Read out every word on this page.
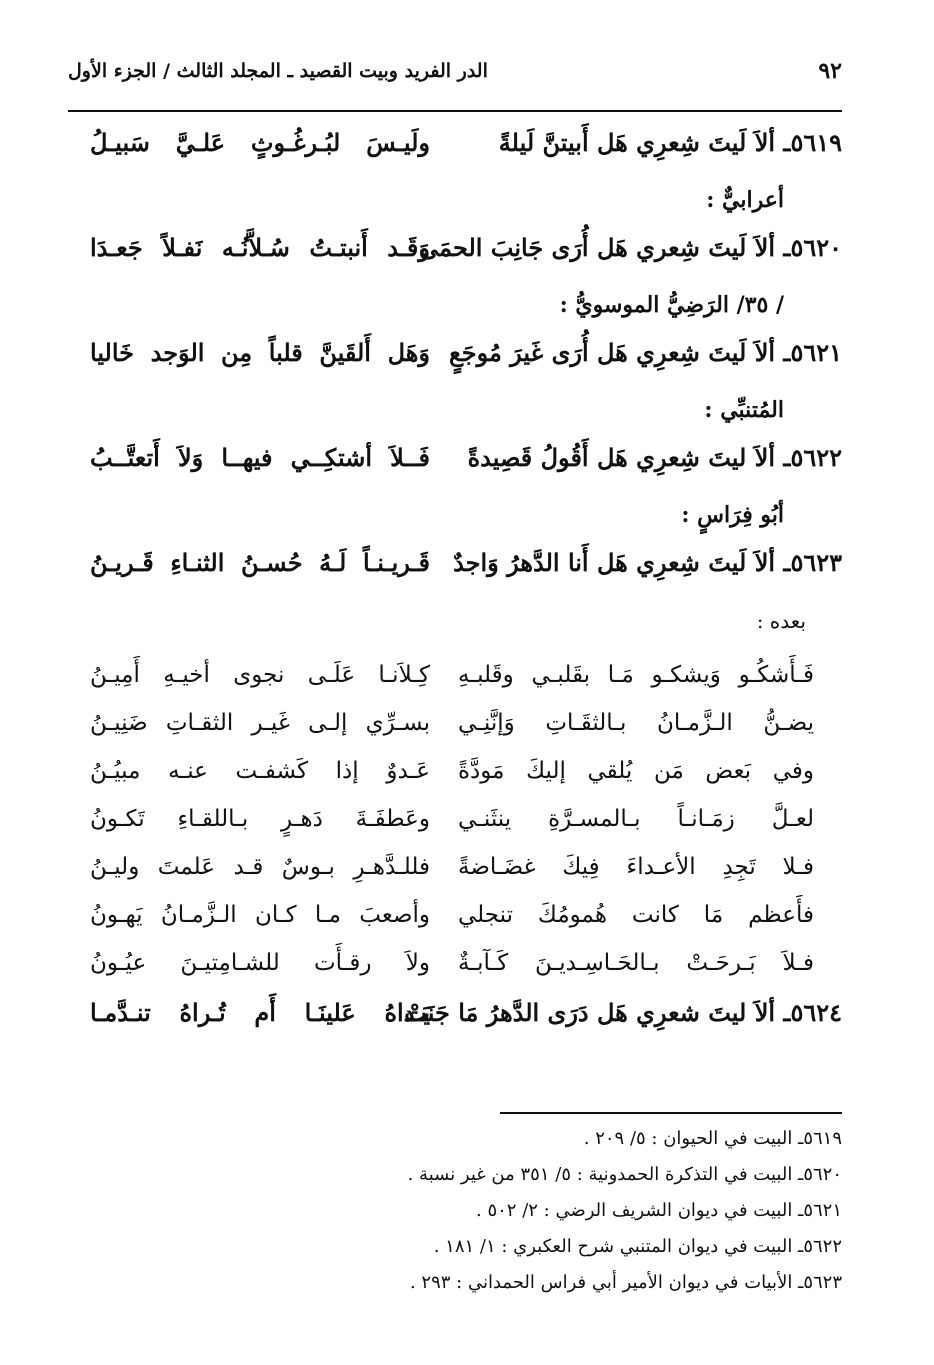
٩٢
الدر الفريد وبيت القصيد ـ المجلد الثالث / الجزء الأول
٥٦١٩ـ ألاَ لَيتَ شِعرِي هَل أَبيتنَّ لَيلةً
ولَيـسَ لبُـرغُـوثٍ عَلـيَّ سَبيـلُ
أعرابيٌّ :
٥٦٢٠ـ ألاَ لَيتَ شِعري هَل أُرَى جَانِبَ الحمَى
وَقَـد أَنبتـتُ سُـلاَّنُـه نَفـلاً جَعـدَا
/ ٣٥/ الرَضِيُّ الموسويُّ :
٥٦٢١ـ ألاَ لَيتَ شِعرِي هَل أُرَى غَيرَ مُوجَعٍ
وَهَل أَلقَينَّ قلباً مِن الوَجد خَاليا
المُتنبِّي :
٥٦٢٢ـ ألاَ ليتَ شِعرِي هَل أَقُولُ قَصِيدةً
فَــلاَ أشتكِــي فيهــا وَلاَ أَتعتَّــبُ
أبُو فِرَاسٍ :
٥٦٢٣ـ ألاَ لَيتَ شِعرِي هَل أَنا الدَّهرُ وَاجدٌ
قَـريـنـاً لَـهُ حُسـنُ الثنـاءِ قَـريـنُ
بعده :
فَـأَشكُـو وَيشكـو مَـا بقَلبـي وقَلبـهِ
كِـلاَنـا عَلَـى نجوى أخيـهِ أَمِيـنُ
يضـنُّ الـزَّمـانُ بـالثقَـاتِ وَإنَّنِـي
بسـرِّي إلـى غَيـر الثقـاتِ ضَنِيـنُ
وفي بَعض مَن يُلقي إليكَ مَودَّةً
عَـدوٌ إذا كَشفـت عنـه مبيُـنُ
لعـلَّ زمَـانـاً بـالمسـرَّةِ ينثَنـي
وعَطفَـةَ دَهـرٍ بـاللقـاءِ تَكـونُ
فـلا تَجِدِ الأعـداءَ فِيكَ غضَـاضةً
فللـدَّهـرِ بـوسٌ قـد عَلمتَ وليـنُ
فأَعظم مَا كانت هُمومُكَ تنجلي
وأصعبَ مـا كـان الـزَّمـانُ يَهـونُ
فـلاَ بَـرحَـتْ بـالحَـاسِـديـنَ كَـآبـةٌ
ولاَ رقـأَت للشـامِتيـنَ عيُـونُ
٥٦٢٤ـ ألاَ ليتَ شعرِي هَل دَرَى الدَّهرُ مَا جَنَتْ
يَـداهُ عَلينَـا أَم تُـراهُ تنـدَّمـا
٥٦١٩ـ البيت في الحيوان : ٥/ ٢٠٩ .
٥٦٢٠ـ البيت في التذكرة الحمدونية : ٥/ ٣٥١ من غير نسبة .
٥٦٢١ـ البيت في ديوان الشريف الرضي : ٢/ ٥٠٢ .
٥٦٢٢ـ البيت في ديوان المتنبي شرح العكبري : ١/ ١٨١ .
٥٦٢٣ـ الأبيات في ديوان الأمير أبي فراس الحمداني : ٢٩٣ .
